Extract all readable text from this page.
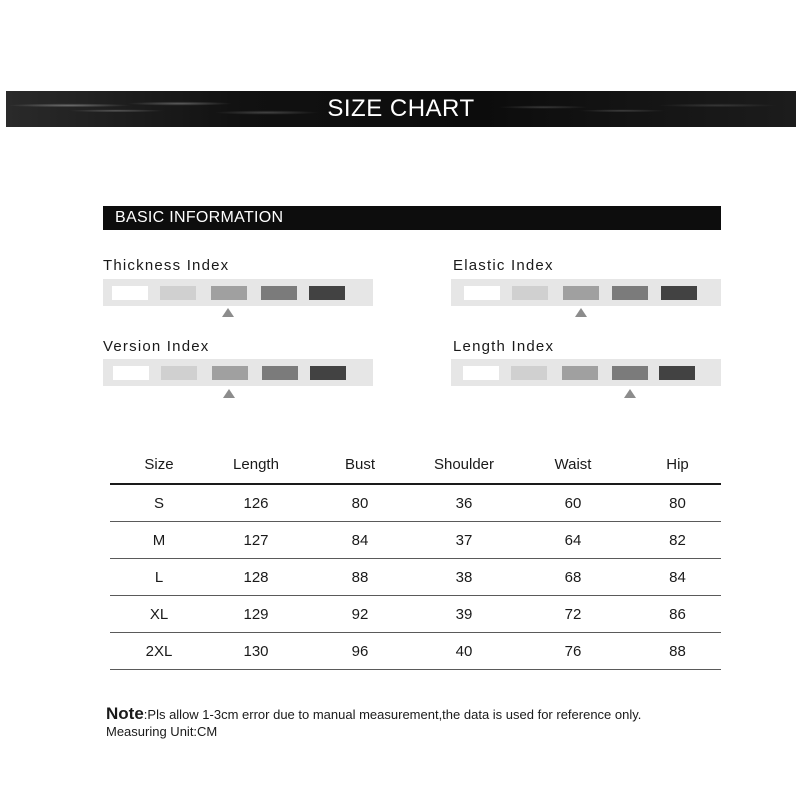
SIZE CHART
BASIC INFORMATION
Thickness Index	Elastic Index
Version Index	Length Index
Size	Length	Bust	Shoulder	Waist	Hip
S	126	80	36	60	80
M	127	84	37	64	82
L	128	88	38	68	84
XL	129	92	39	72	86
2XL	130	96	40	76	88
Note:Pls allow 1-3cm error due to manual measurement,the data is used for reference only.
Measuring Unit:CM
